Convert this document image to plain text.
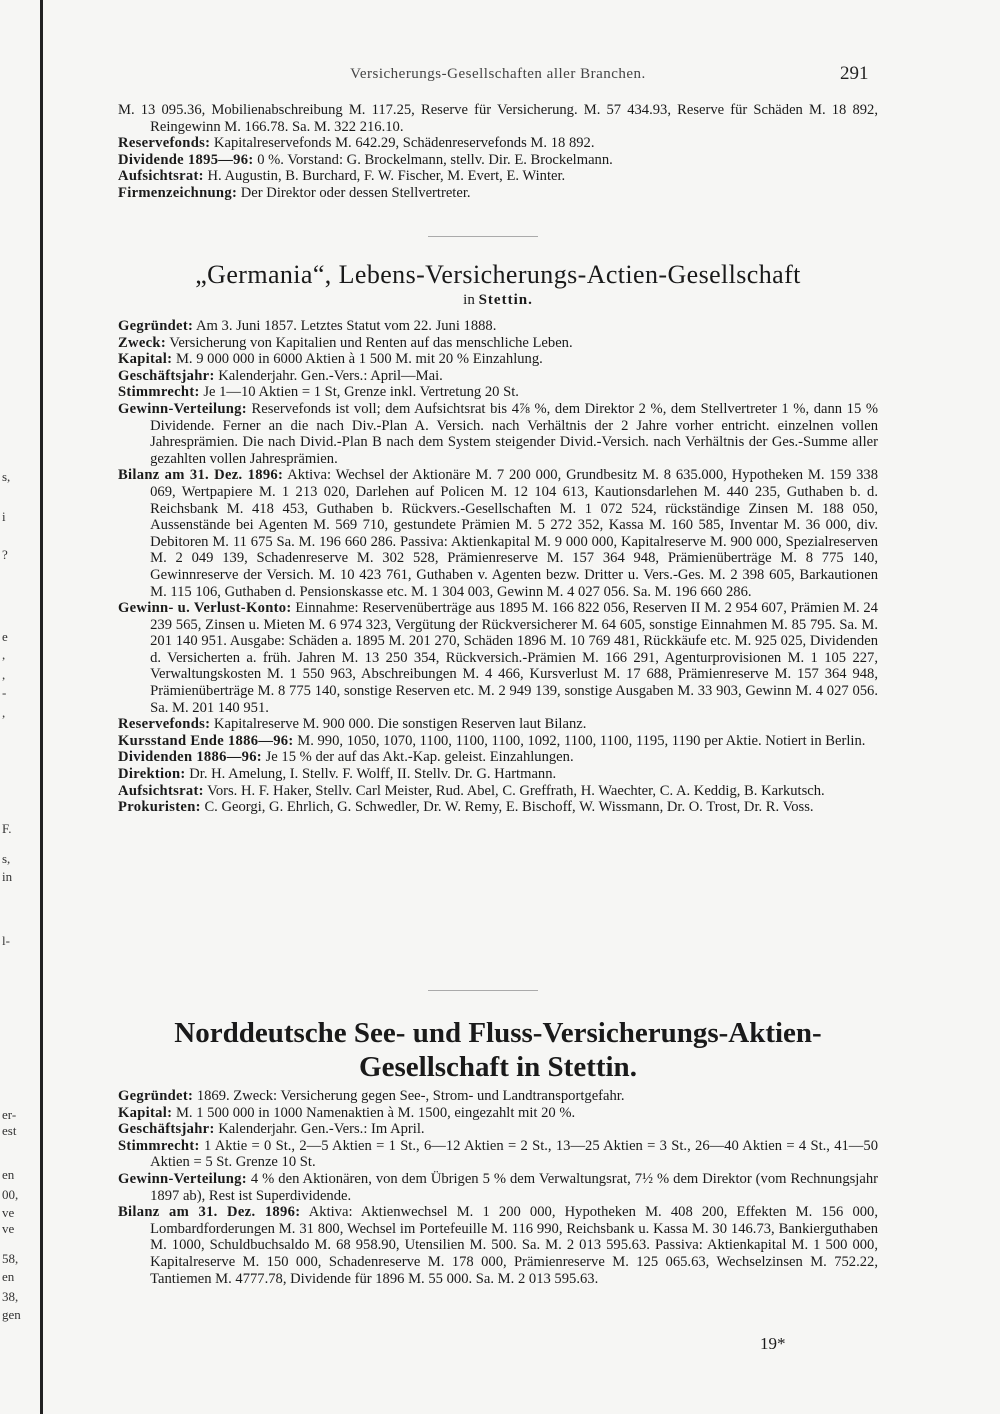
s,
i
?
e
,
,
-
,
F.
s,
in
l-
er-
est
en
00,
ve
ve
58,
en
38,
gen
Versicherungs-Gesellschaften aller Branchen.	291

M. 13 095.36, Mobilienabschreibung M. 117.25, Reserve für Versicherung. M. 57 434.93, Reserve für Schäden M. 18 892, Reingewinn M. 166.78. Sa. M. 322 216.10.

Reservefonds: Kapitalreservefonds M. 642.29, Schädenreservefonds M. 18 892.

Dividende 1895—96: 0 %. Vorstand: G. Brockelmann, stellv. Dir. E. Brockelmann.

Aufsichtsrat: H. Augustin, B. Burchard, F. W. Fischer, M. Evert, E. Winter.

Firmenzeichnung: Der Direktor oder dessen Stellvertreter.

„Germania“, Lebens-Versicherungs-Actien-Gesellschaft
in Stettin.

Gegründet: Am 3. Juni 1857. Letztes Statut vom 22. Juni 1888.

Zweck: Versicherung von Kapitalien und Renten auf das menschliche Leben.

Kapital: M. 9 000 000 in 6000 Aktien à 1 500 M. mit 20 % Einzahlung.

Geschäftsjahr: Kalenderjahr. Gen.-Vers.: April—Mai.

Stimmrecht: Je 1—10 Aktien = 1 St, Grenze inkl. Vertretung 20 St.

Gewinn-Verteilung: Reservefonds ist voll; dem Aufsichtsrat bis 4⅞ %, dem Direktor 2 %, dem Stellvertreter 1 %, dann 15 % Dividende. Ferner an die nach Div.-Plan A. Versich. nach Verhältnis der 2 Jahre vorher entricht. einzelnen vollen Jahresprämien. Die nach Divid.-Plan B nach dem System steigender Divid.-Versich. nach Verhältnis der Ges.-Summe aller gezahlten vollen Jahresprämien.

Bilanz am 31. Dez. 1896: Aktiva: Wechsel der Aktionäre M. 7 200 000, Grundbesitz M. 8 635.000, Hypotheken M. 159 338 069, Wertpapiere M. 1 213 020, Darlehen auf Policen M. 12 104 613, Kautionsdarlehen M. 440 235, Guthaben b. d. Reichsbank M. 418 453, Guthaben b. Rückvers.-Gesellschaften M. 1 072 524, rückständige Zinsen M. 188 050, Aussenstände bei Agenten M. 569 710, gestundete Prämien M. 5 272 352, Kassa M. 160 585, Inventar M. 36 000, div. Debitoren M. 11 675 Sa. M. 196 660 286. Passiva: Aktienkapital M. 9 000 000, Kapitalreserve M. 900 000, Spezialreserven M. 2 049 139, Schadenreserve M. 302 528, Prämienreserve M. 157 364 948, Prämienüberträge M. 8 775 140, Gewinnreserve der Versich. M. 10 423 761, Guthaben v. Agenten bezw. Dritter u. Vers.-Ges. M. 2 398 605, Barkautionen M. 115 106, Guthaben d. Pensionskasse etc. M. 1 304 003, Gewinn M. 4 027 056. Sa. M. 196 660 286.

Gewinn- u. Verlust-Konto: Einnahme: Reservenüberträge aus 1895 M. 166 822 056, Reserven II M. 2 954 607, Prämien M. 24 239 565, Zinsen u. Mieten M. 6 974 323, Vergütung der Rückversicherer M. 64 605, sonstige Einnahmen M. 85 795. Sa. M. 201 140 951. Ausgabe: Schäden a. 1895 M. 201 270, Schäden 1896 M. 10 769 481, Rückkäufe etc. M. 925 025, Dividenden d. Versicherten a. früh. Jahren M. 13 250 354, Rückversich.-Prämien M. 166 291, Agenturprovisionen M. 1 105 227, Verwaltungskosten M. 1 550 963, Abschreibungen M. 4 466, Kursverlust M. 17 688, Prämienreserve M. 157 364 948, Prämienüberträge M. 8 775 140, sonstige Reserven etc. M. 2 949 139, sonstige Ausgaben M. 33 903, Gewinn M. 4 027 056. Sa. M. 201 140 951.

Reservefonds: Kapitalreserve M. 900 000. Die sonstigen Reserven laut Bilanz.

Kursstand Ende 1886—96: M. 990, 1050, 1070, 1100, 1100, 1100, 1092, 1100, 1100, 1195, 1190 per Aktie. Notiert in Berlin.

Dividenden 1886—96: Je 15 % der auf das Akt.-Kap. geleist. Einzahlungen.

Direktion: Dr. H. Amelung, I. Stellv. F. Wolff, II. Stellv. Dr. G. Hartmann.

Aufsichtsrat: Vors. H. F. Haker, Stellv. Carl Meister, Rud. Abel, C. Greffrath, H. Waechter, C. A. Keddig, B. Karkutsch.

Prokuristen: C. Georgi, G. Ehrlich, G. Schwedler, Dr. W. Remy, E. Bischoff, W. Wissmann, Dr. O. Trost, Dr. R. Voss.

Norddeutsche See- und Fluss-Versicherungs-Aktien-
Gesellschaft in Stettin.

Gegründet: 1869. Zweck: Versicherung gegen See-, Strom- und Landtransportgefahr.

Kapital: M. 1 500 000 in 1000 Namenaktien à M. 1500, eingezahlt mit 20 %.

Geschäftsjahr: Kalenderjahr. Gen.-Vers.: Im April.

Stimmrecht: 1 Aktie = 0 St., 2—5 Aktien = 1 St., 6—12 Aktien = 2 St., 13—25 Aktien = 3 St., 26—40 Aktien = 4 St., 41—50 Aktien = 5 St. Grenze 10 St.

Gewinn-Verteilung: 4 % den Aktionären, von dem Übrigen 5 % dem Verwaltungsrat, 7½ % dem Direktor (vom Rechnungsjahr 1897 ab), Rest ist Superdividende.

Bilanz am 31. Dez. 1896: Aktiva: Aktienwechsel M. 1 200 000, Hypotheken M. 408 200, Effekten M. 156 000, Lombardforderungen M. 31 800, Wechsel im Portefeuille M. 116 990, Reichsbank u. Kassa M. 30 146.73, Bankierguthaben M. 1000, Schuldbuchsaldo M. 68 958.90, Utensilien M. 500. Sa. M. 2 013 595.63. Passiva: Aktienkapital M. 1 500 000, Kapitalreserve M. 150 000, Schadenreserve M. 178 000, Prämienreserve M. 125 065.63, Wechselzinsen M. 752.22, Tantiemen M. 4777.78, Dividende für 1896 M. 55 000. Sa. M. 2 013 595.63.

19*
